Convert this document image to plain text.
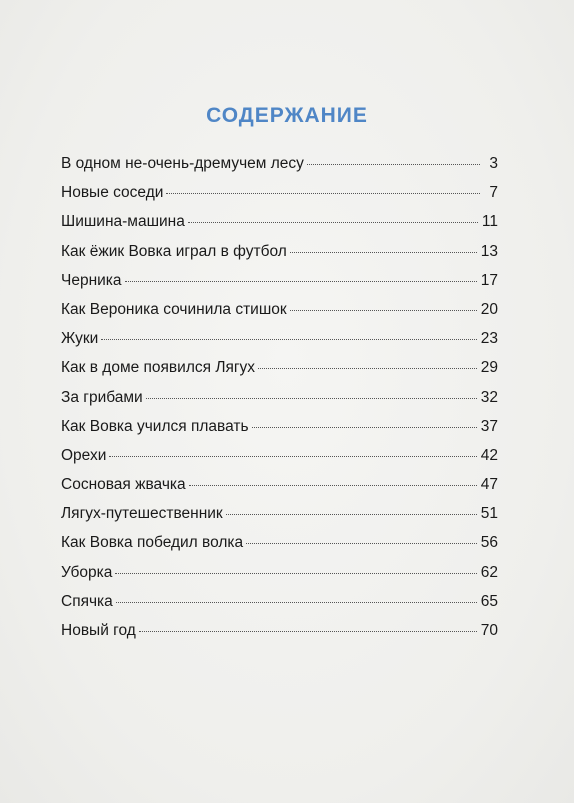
СОДЕРЖАНИЕ
В одном не-очень-дремучем лесу	3
Новые соседи	7
Шишина-машина	11
Как ёжик Вовка играл в футбол	13
Черника	17
Как Вероника сочинила стишок	20
Жуки	23
Как в доме появился Лягух	29
За грибами	32
Как Вовка учился плавать	37
Орехи	42
Сосновая жвачка	47
Лягух-путешественник	51
Как Вовка победил волка	56
Уборка	62
Спячка	65
Новый год	70
